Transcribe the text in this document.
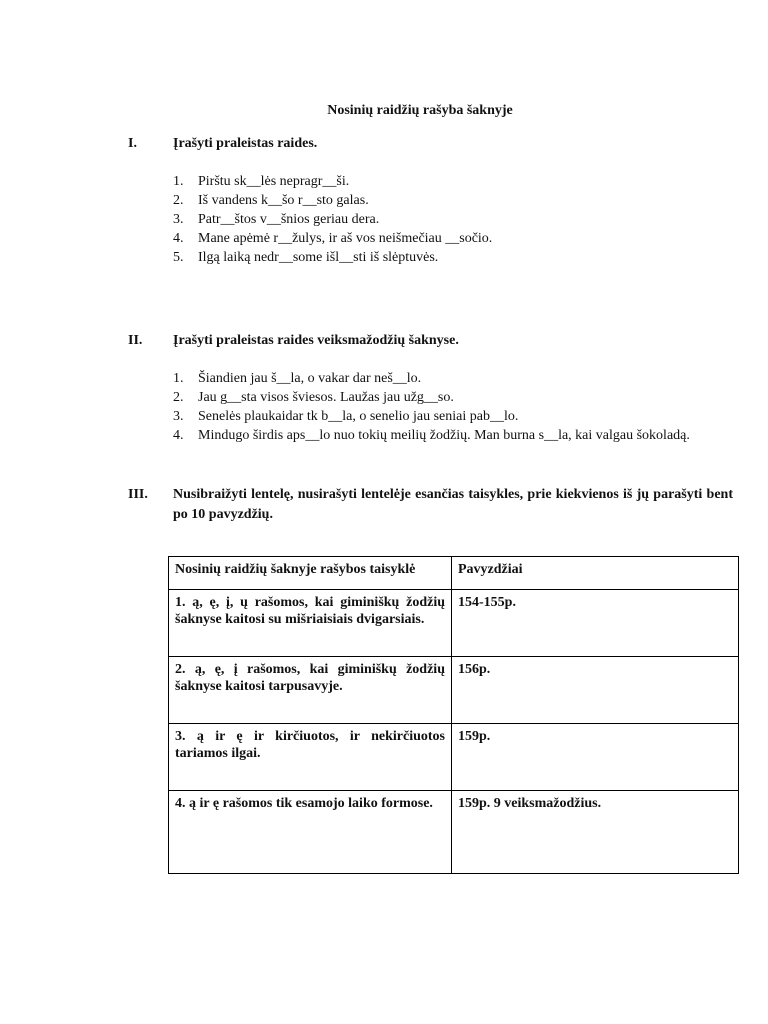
Nosinių raidžių rašyba šaknyje
I.	Įrašyti praleistas raides.
1. Pirštu sk__lės nepragr__ši.
2. Iš vandens k__šo r__sto galas.
3. Patr__štos v__šnios geriau dera.
4. Mane apėmė r__žulys, ir aš vos neišmečiau __sočio.
5. Ilgą laiką nedr__some išl__sti iš slėptuvės.
II. Įrašyti praleistas raides veiksmažodžių šaknyse.
1. Šiandien jau š__la, o vakar dar neš__lo.
2. Jau g__sta visos šviesos. Laužas jau užg__so.
3. Senelės plaukaidar tk b__la, o senelio jau seniai pab__lo.
4. Mindugo širdis aps__lo nuo tokių meilių žodžių. Man burna s__la, kai valgau šokoladą.
III. Nusibraižyti lentelę, nusirašyti lentelėje esančias taisykles, prie kiekvienos iš jų parašyti bent po 10 pavyzdžių.
Nosinių raidžių šaknyje rašybos taisyklė	Pavyzdžiai
1. ą, ę, į, ų rašomos, kai giminiškų žodžių šaknyse kaitosi su mišriaisiais dvigarsiais.	154-155p.
2. ą, ę, į rašomos, kai giminiškų žodžių šaknyse kaitosi tarpusavyje.	156p.
3. ą ir ę ir kirčiuotos, ir nekirčiuotos tariamos ilgai.	159p.
4. ą ir ę rašomos tik esamojo laiko formose.	159p. 9 veiksmažodžius.
